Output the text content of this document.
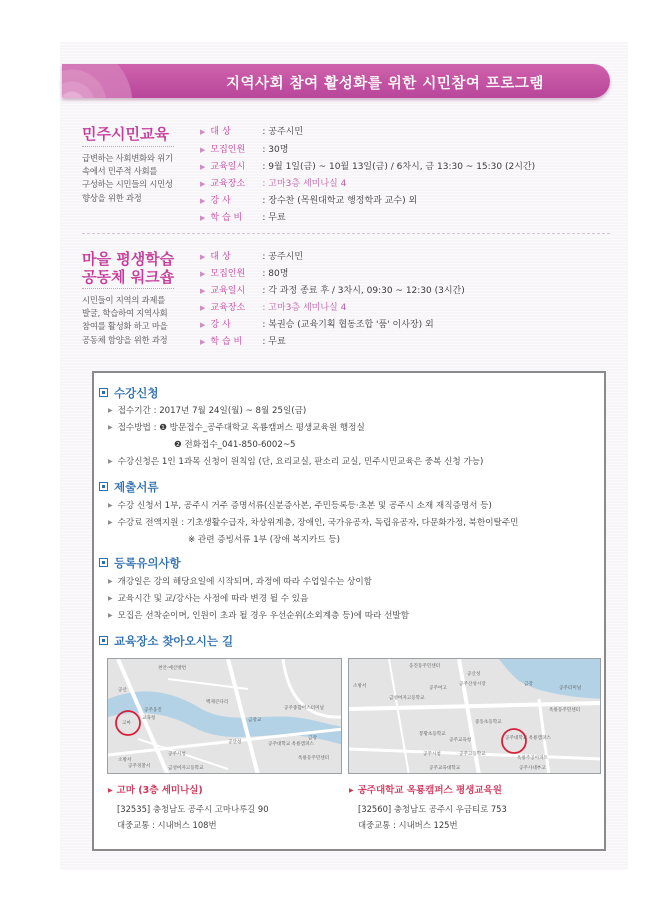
지역사회 참여 활성화를 위한 시민참여 프로그램
민주시민교육
급변하는 사회변화와 위기
속에서 민주적 사회를
구성하는 시민들의 시민성
향상을 위한 과정
▶ 대 상	: 공주시민
▶ 모집인원 : 30명
▶ 교육일시 : 9월 1일(금) ~ 10월 13일(금) / 6차시, 금 13:30 ~ 15:30 (2시간)
▶ 교육장소 : 고마3층 세미나실 4
▶ 강 사	: 장수찬 (목원대학교 행정학과 교수) 외
▶ 학 습 비 : 무료
마을 평생학습
공동체 워크숍
시민들이 지역의 과제를
발굴, 학습하여 지역사회
참여를 활성화 하고 마을
공동체 함양을 위한 과정
▶ 대 상	: 공주시민
▶ 모집인원 : 80명
▶ 교육일시 : 각 과정 종료 후 / 3차시, 09:30 ~ 12:30 (3시간)
▶ 교육장소 : 고마3층 세미나실 4
▶ 강 사	: 복권승 (교육기획 협동조합 '품' 이사장) 외
▶ 학 습 비 : 무료
수강신청
▶ 접수기간 : 2017년 7월 24일(월) ~ 8월 25일(금)
▶ 접수방법 : ❶ 방문접수_공주대학교 옥룡캠퍼스 평생교육원 행정실
❷ 전화접수_041-850-6002~5
▶ 수강신청은 1인 1과목 신청이 원칙임 (단, 요리교실, 판소리 교실, 민주시민교육은 중복 신청 가능)
제출서류
▶ 수강 신청서 1부, 공주시 거주 증명서류(신분증사본, 주민등록등·초본 및 공주시 소재 재직증명서 등)
▶ 수강료 전액지원 : 기초생활수급자, 차상위계층, 장애인, 국가유공자, 독립유공자, 다문화가정, 북한이탈주민
※ 관련 증빙서류 1부 (장애 복지카드 등)
등록유의사항
▶ 개강일은 강의 해당요일에 시작되며, 과정에 따라 수업일수는 상이함
▶ 교육시간 및 교/강사는 사정에 따라 변경 될 수 있음
▶ 모집은 선착순이며, 인원이 초과 될 경우 우선순위(소외계층 등)에 따라 선발함
교육장소 찾아오시는 길
고마
공산
백제큰다리
공주웅진
교육청
공주종합버스터미널
금강교
금강
공주대학교 옥룡캠퍼스
공산성
옥룡동주민센터
공주시청
소방서
공주경찰서	금성여자고등학교
천안·예산방면
공주대학교 옥룡캠퍼스
웅진동주민센터
공산성
금강
공주산성시장
공주여고
소방서
금성여자고등학교
공주터미널
옥룡동주민센터
봉황초등학교
공주교육청
중동초등학교
공주시청	공주고등학교
옥룡주공아파트
공주사대부고
공주교육대학교
▶ 고마 (3층 세미나실)
[32535] 충청남도 공주시 고마나루길 90
대중교통 : 시내버스 108번
▶ 공주대학교 옥룡캠퍼스 평생교육원
[32560] 충청남도 공주시 우금티로 753
대중교통 : 시내버스 125번
